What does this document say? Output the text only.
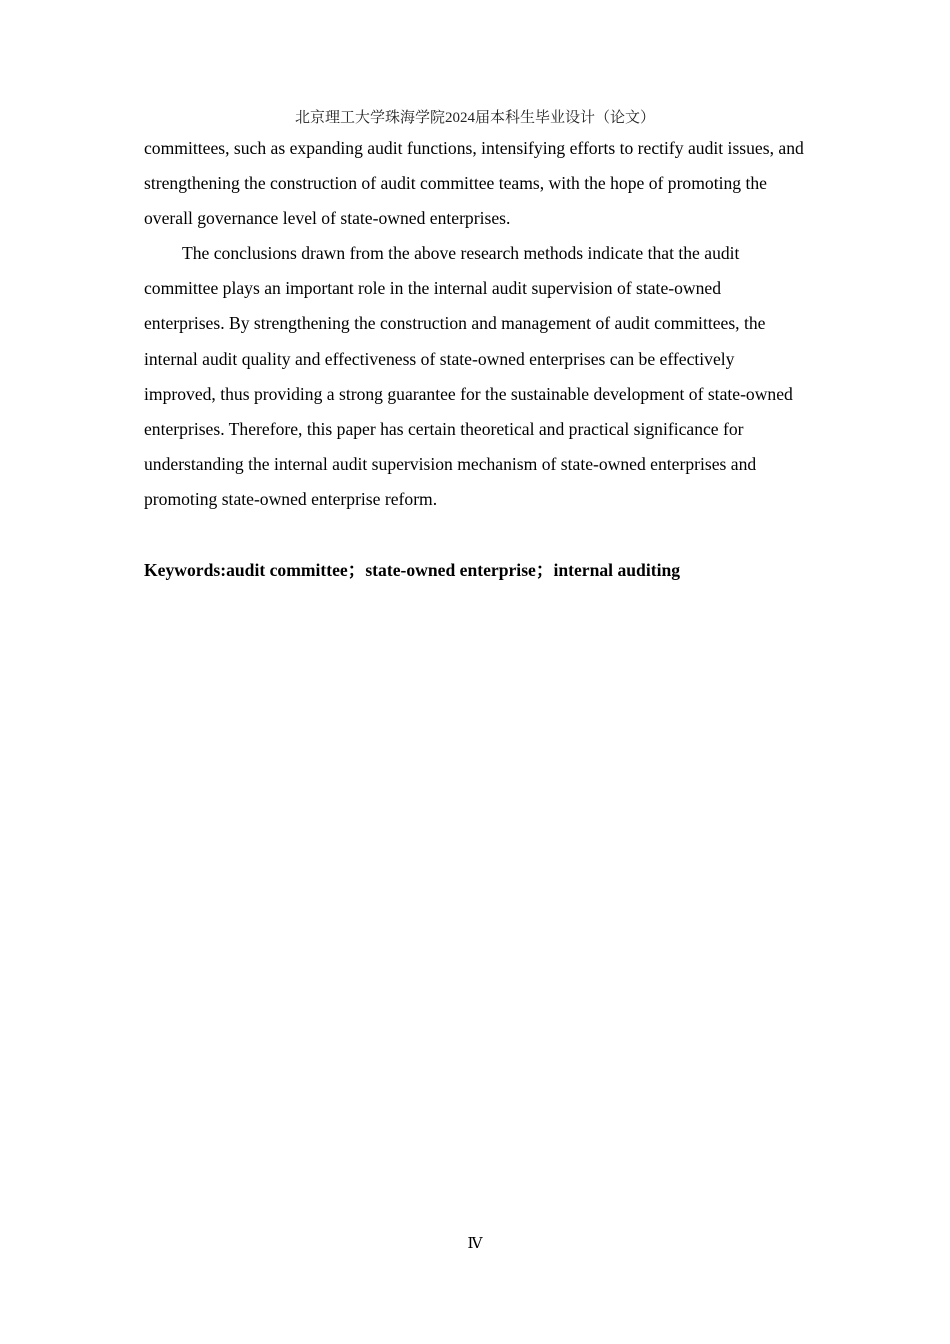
北京理工大学珠海学院2024届本科生毕业设计（论文）

committees, such as expanding audit functions, intensifying efforts to rectify audit issues, and strengthening the construction of audit committee teams, with the hope of promoting the overall governance level of state-owned enterprises.

The conclusions drawn from the above research methods indicate that the audit committee plays an important role in the internal audit supervision of state-owned enterprises. By strengthening the construction and management of audit committees, the internal audit quality and effectiveness of state-owned enterprises can be effectively improved, thus providing a strong guarantee for the sustainable development of state-owned enterprises. Therefore, this paper has certain theoretical and practical significance for understanding the internal audit supervision mechanism of state-owned enterprises and promoting state-owned enterprise reform.

Keywords:audit committee；state-owned enterprise；internal auditing

Ⅳ
